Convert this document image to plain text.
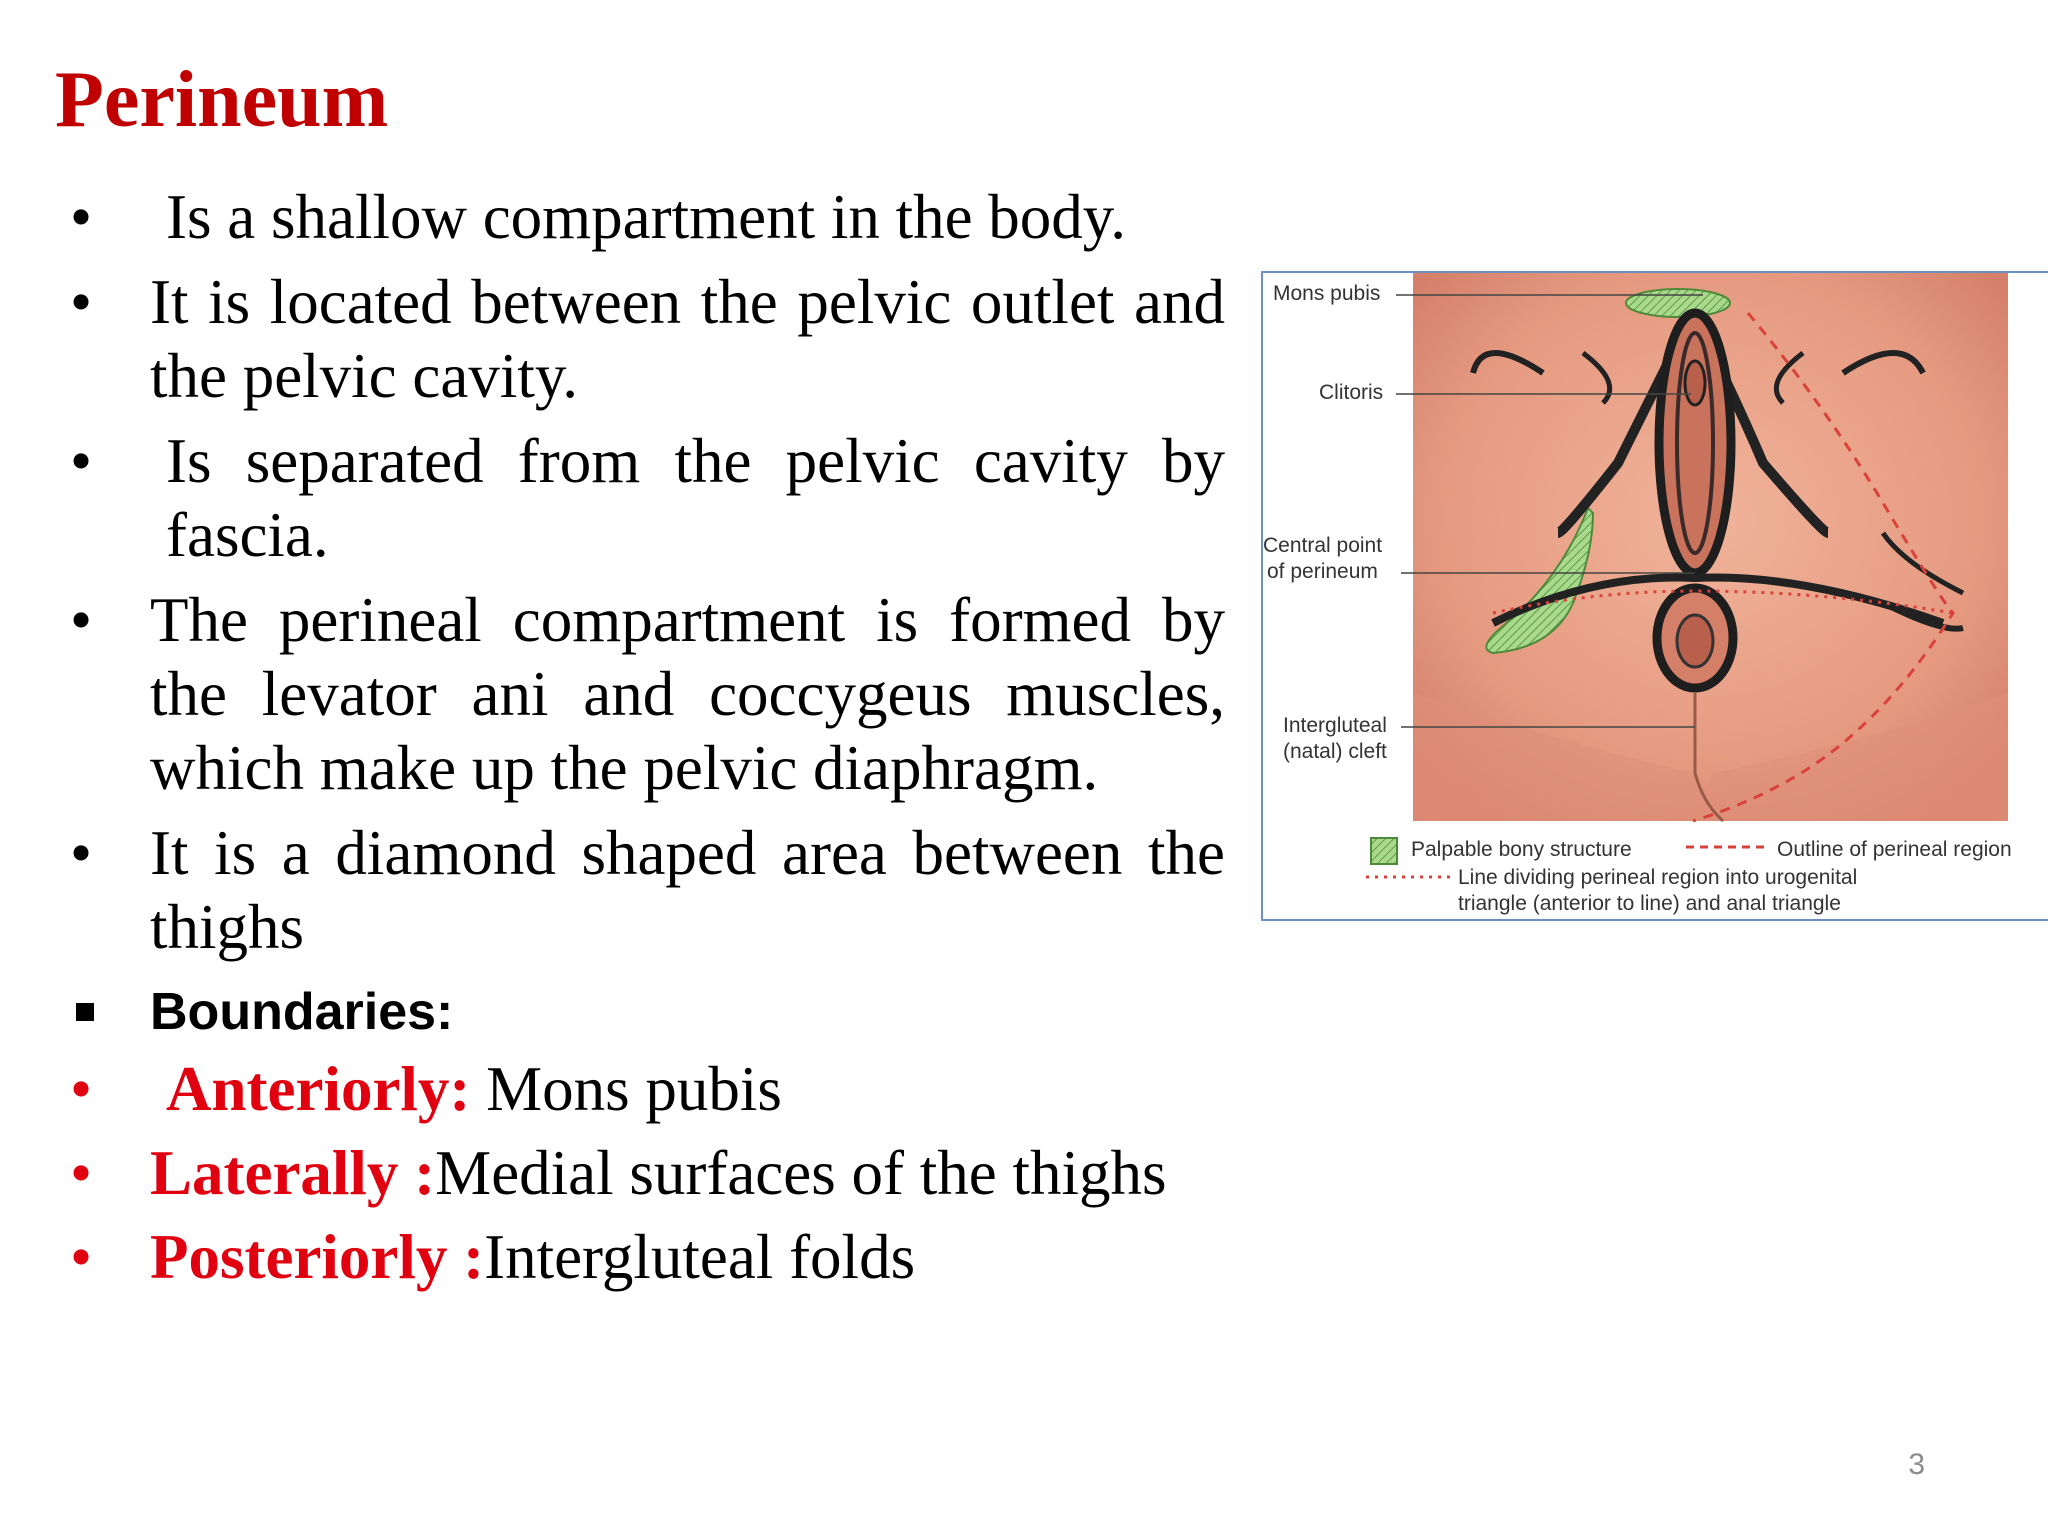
Perineum
•	Is a shallow compartment in the body.
• It is located between the pelvic outlet and the pelvic cavity.
•	Is separated from the pelvic cavity by fascia.
• The perineal compartment is formed by the levator ani and coccygeus muscles, which make up the pelvic diaphragm.
• It is a diamond shaped area between the thighs
Boundaries:
•	Anteriorly: Mons pubis
• Laterally :Medial surfaces of the thighs
• Posteriorly :Intergluteal folds
Mons pubis
Clitoris
Central point
of perineum
Intergluteal
(natal) cleft
Palpable bony structure	Outline of perineal region
Line dividing perineal region into urogenital
triangle (anterior to line) and anal triangle
3
